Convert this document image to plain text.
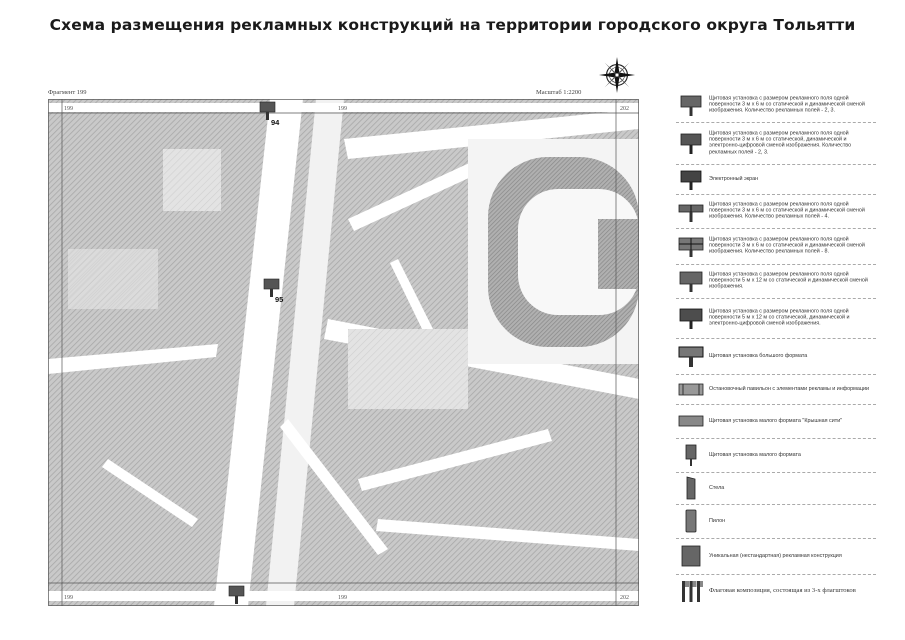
Схема размещения рекламных конструкций на территории городского округа Тольятти
Фрагмент 199	Масштаб 1:2200
199	199	202
199	199	202
94
95
Щитовая установка с размером рекламного поля одной поверхности 3 м х 6 м со статической и динамической сменой изображения. Количество рекламных полей - 2, 3.
Щитовая установка с размером рекламного поля одной поверхности 3 м х 6 м со статической, динамической и электронно-цифровой сменой изображения. Количество рекламных полей - 2, 3.
Электронный экран
Щитовая установка с размером рекламного поля одной поверхности 3 м х 6 м со статической и динамической сменой изображения. Количество рекламных полей - 4.
Щитовая установка с размером рекламного поля одной поверхности 3 м х 6 м со статической и динамической сменой изображения. Количество рекламных полей - 8.
Щитовая установка с размером рекламного поля одной поверхности 5 м х 12 м со статической и динамической сменой изображения.
Щитовая установка с размером рекламного поля одной поверхности 5 м х 12 м со статической, динамической и электронно-цифровой сменой изображения.
Щитовая установка большого формата
Остановочный павильон с элементами рекламы и информации
Щитовая установка малого формата "Крышная сити"
Щитовая установка малого формата
Стела
Пилон
Уникальная (нестандартная) рекламная конструкция
Флаговая композиция, состоящая из 3-х флагштоков
